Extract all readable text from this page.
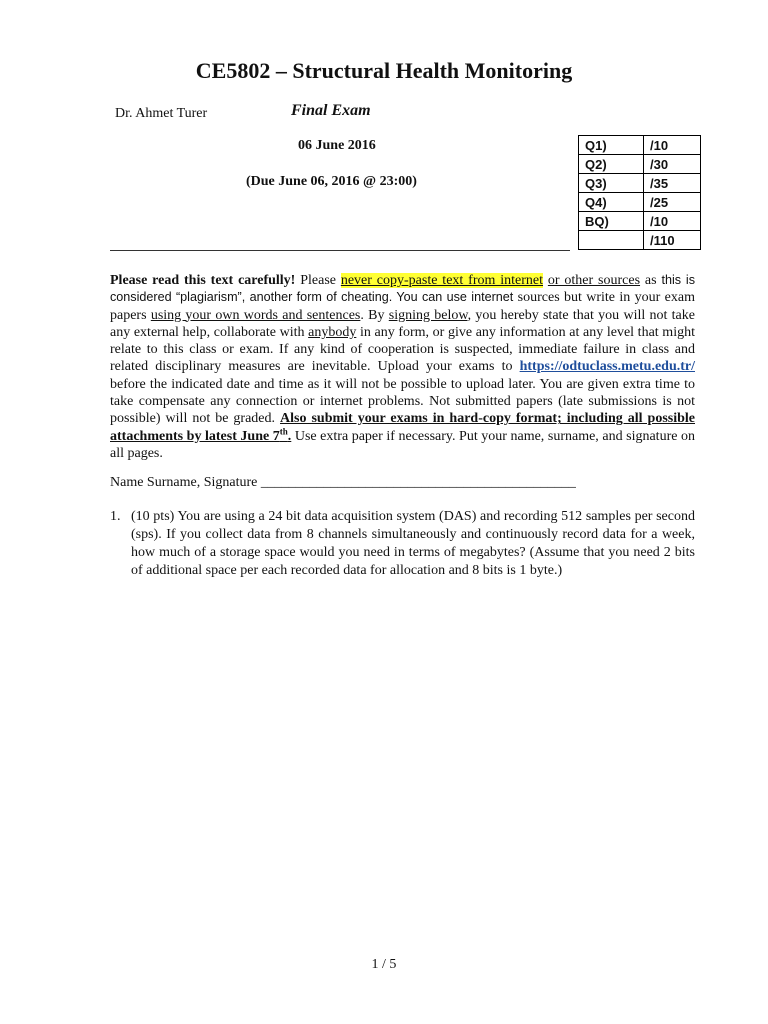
CE5802 – Structural Health Monitoring
Dr. Ahmet Turer	Final Exam
06 June 2016
(Due June 06, 2016 @ 23:00)
Q1)	/10
Q2)	/30
Q3)	/35
Q4)	/25
BQ)	/10
	/110
Please read this text carefully! Please never copy-paste text from internet or other sources as this is considered “plagiarism”, another form of cheating. You can use internet sources but write in your exam papers using your own words and sentences. By signing below, you hereby state that you will not take any external help, collaborate with anybody in any form, or give any information at any level that might relate to this class or exam. If any kind of cooperation is suspected, immediate failure in class and related disciplinary measures are inevitable. Upload your exams to https://odtuclass.metu.edu.tr/ before the indicated date and time as it will not be possible to upload later. You are given extra time to take compensate any connection or internet problems. Not submitted papers (late submissions is not possible) will not be graded. Also submit your exams in hard-copy format; including all possible attachments by latest June 7th. Use extra paper if necessary. Put your name, surname, and signature on all pages.
Name Surname, Signature _____________________________________________
1. (10 pts) You are using a 24 bit data acquisition system (DAS) and recording 512 samples per second (sps). If you collect data from 8 channels simultaneously and continuously record data for a week, how much of a storage space would you need in terms of megabytes? (Assume that you need 2 bits of additional space per each recorded data for allocation and 8 bits is 1 byte.)
1 / 5
